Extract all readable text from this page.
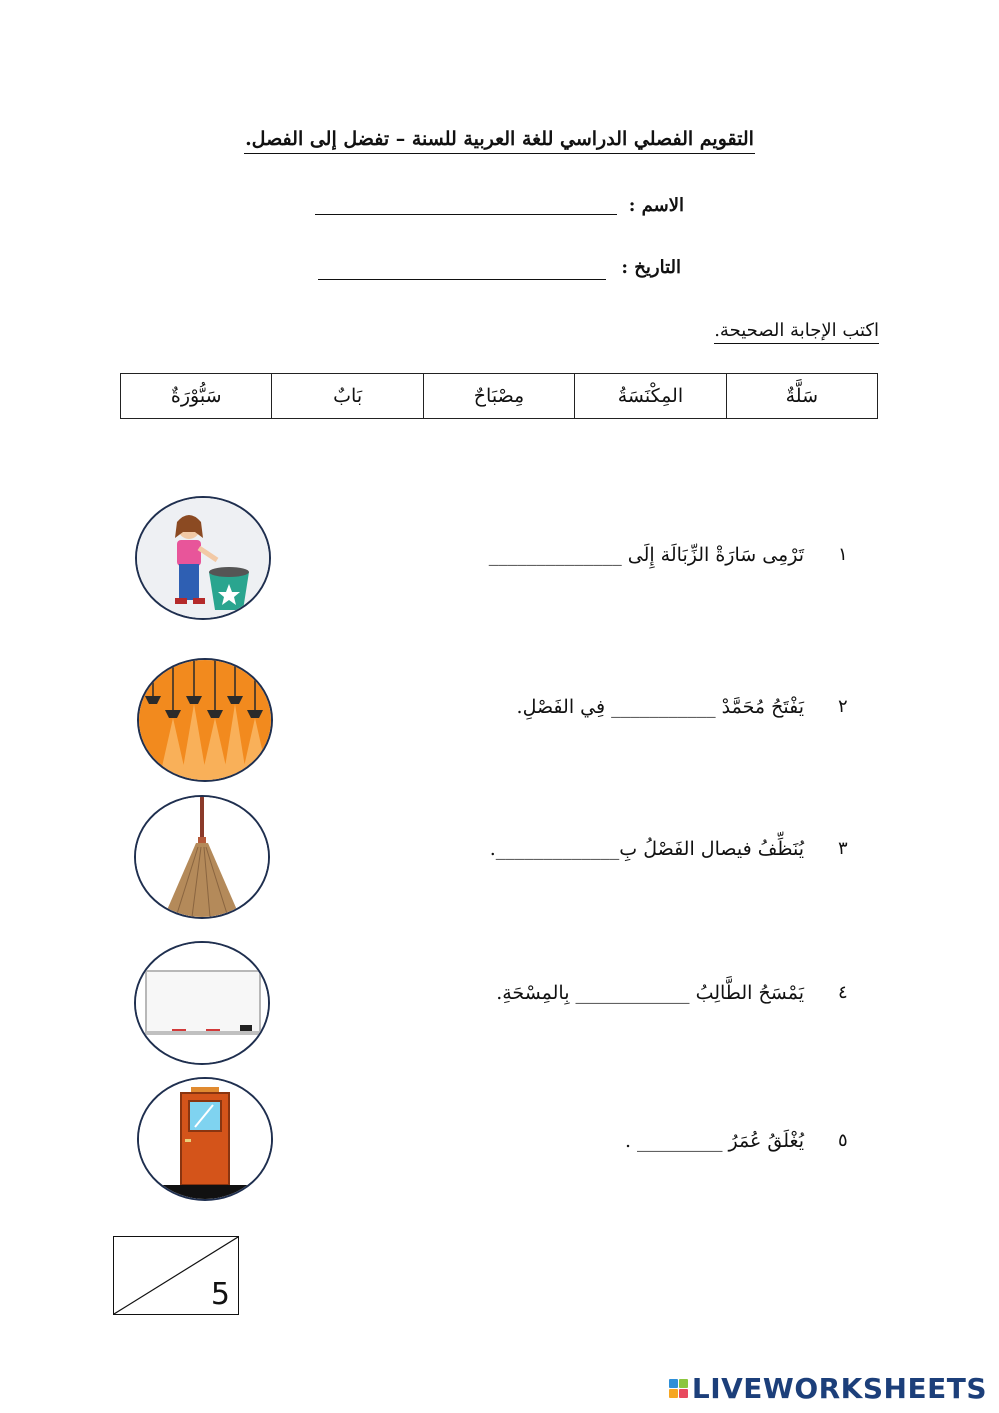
التقويم الفصلي الدراسي للغة العربية للسنة – تفضل إلى الفصل.
الاسم :
التاريخ :
اكتب الإجابة الصحيحة.
سَلَّةٌ	المِكْنَسَةُ	مِصْبَاحٌ	بَابٌ	سَبُّوْرَةٌ
١
تَرْمِى سَارَةْ الزِّبَالَة إِلَى ______________
٢
يَفْتَحُ مُحَمَّدْ ___________ فِي الفَصْلِ.
٣
يُنَظِّفُ فيصال الفَصْلُ بِ_____________.
٤
يَمْسَحُ الطَّالِبُ ____________ بِالمِسْحَةِ.
٥
يُغْلَقُ عُمَرُ _________ .
5
LIVEWORKSHEETS
